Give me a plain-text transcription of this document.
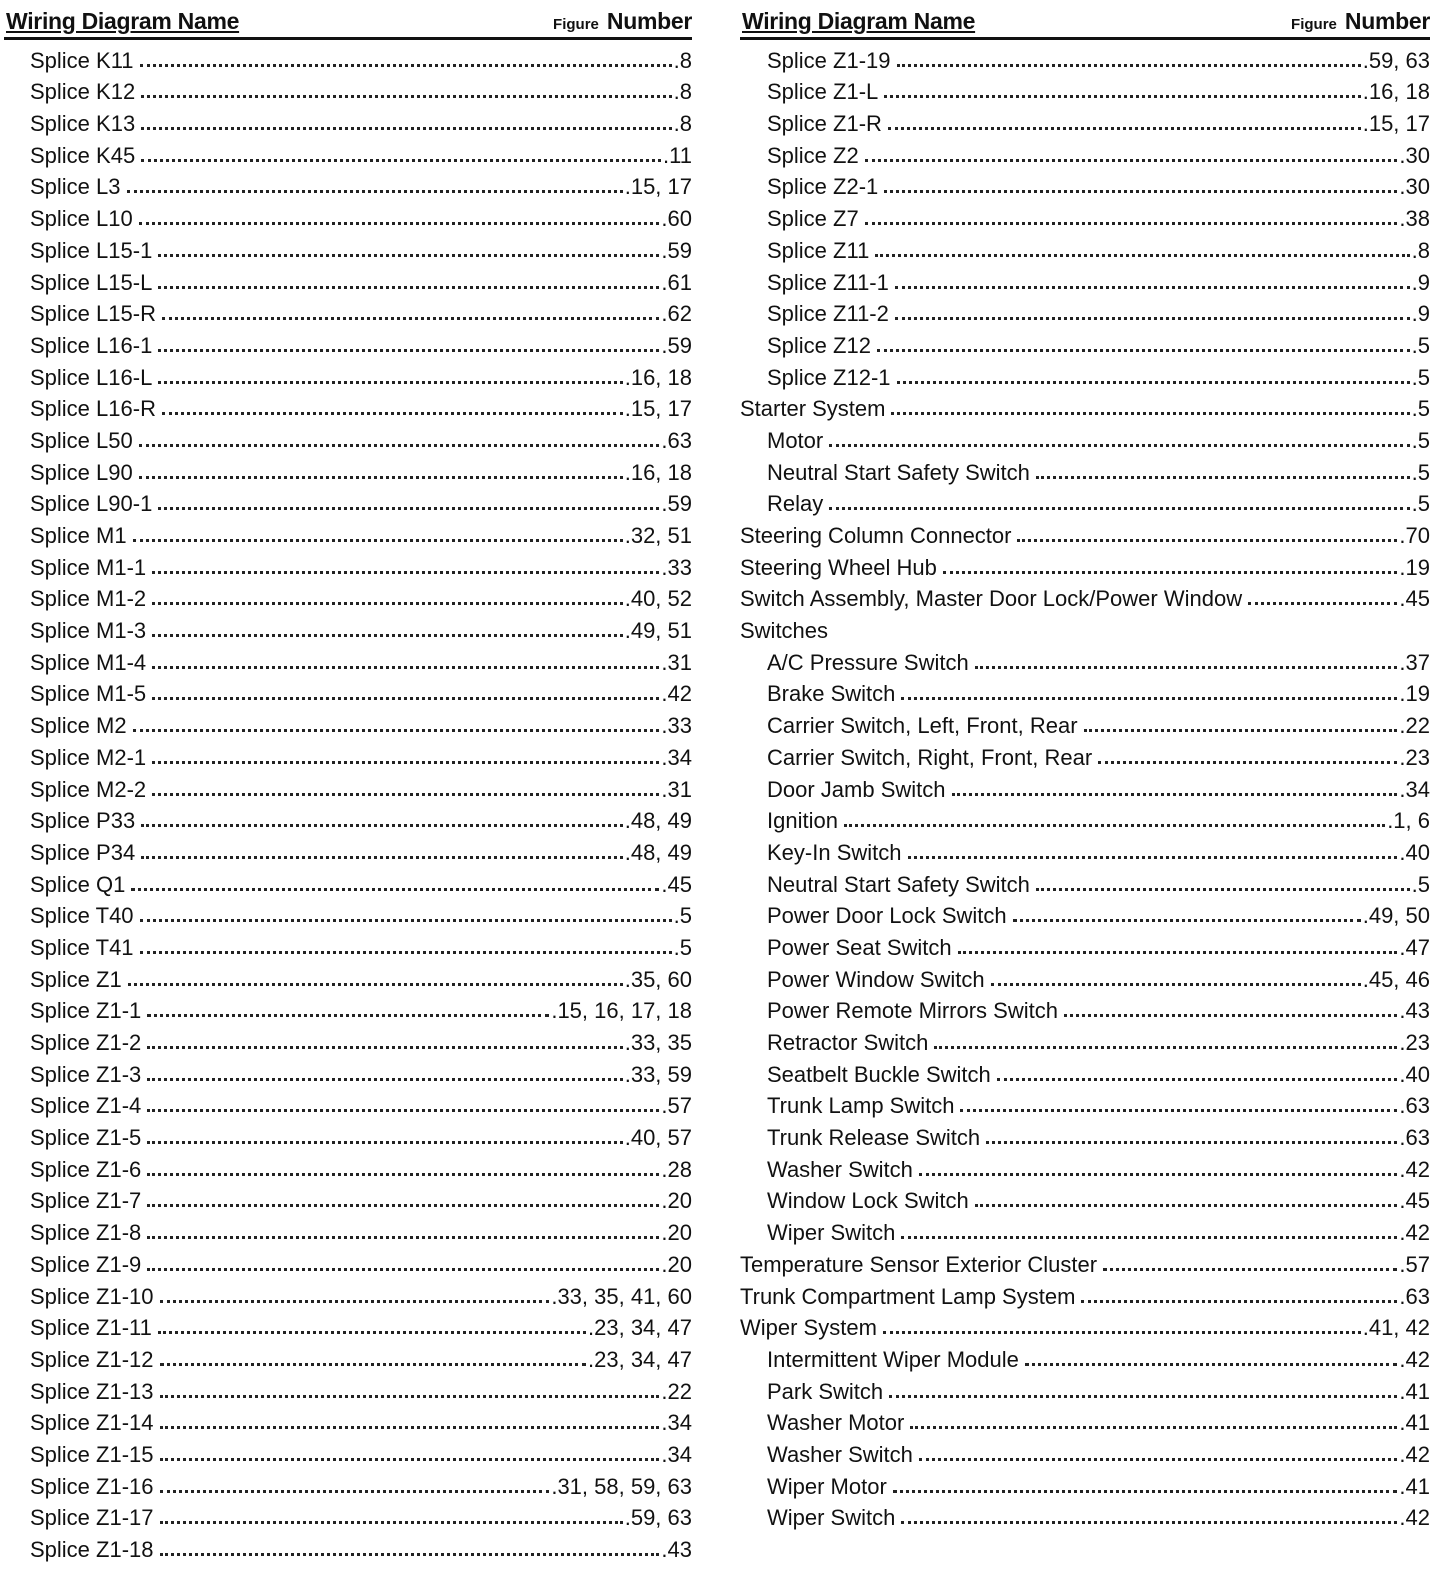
Wiring Diagram Name	Figure Number
Splice K11	.8
Splice K12	.8
Splice K13	.8
Splice K45	.11
Splice L3	.15, 17
Splice L10	.60
Splice L15-1	.59
Splice L15-L	.61
Splice L15-R	.62
Splice L16-1	.59
Splice L16-L	.16, 18
Splice L16-R	.15, 17
Splice L50	.63
Splice L90	.16, 18
Splice L90-1	.59
Splice M1	.32, 51
Splice M1-1	.33
Splice M1-2	.40, 52
Splice M1-3	.49, 51
Splice M1-4	.31
Splice M1-5	.42
Splice M2	.33
Splice M2-1	.34
Splice M2-2	.31
Splice P33	.48, 49
Splice P34	.48, 49
Splice Q1	.45
Splice T40	.5
Splice T41	.5
Splice Z1	.35, 60
Splice Z1-1	.15, 16, 17, 18
Splice Z1-2	.33, 35
Splice Z1-3	.33, 59
Splice Z1-4	.57
Splice Z1-5	.40, 57
Splice Z1-6	.28
Splice Z1-7	.20
Splice Z1-8	.20
Splice Z1-9	.20
Splice Z1-10	.33, 35, 41, 60
Splice Z1-11	.23, 34, 47
Splice Z1-12	.23, 34, 47
Splice Z1-13	.22
Splice Z1-14	.34
Splice Z1-15	.34
Splice Z1-16	.31, 58, 59, 63
Splice Z1-17	.59, 63
Splice Z1-18	.43
Wiring Diagram Name	Figure Number
Splice Z1-19	.59, 63
Splice Z1-L	.16, 18
Splice Z1-R	.15, 17
Splice Z2	.30
Splice Z2-1	.30
Splice Z7	.38
Splice Z11	.8
Splice Z11-1	.9
Splice Z11-2	.9
Splice Z12	.5
Splice Z12-1	.5
Starter System	.5
Motor	.5
Neutral Start Safety Switch	.5
Relay	.5
Steering Column Connector	.70
Steering Wheel Hub	.19
Switch Assembly, Master Door Lock/Power Window	.45
Switches
A/C Pressure Switch	.37
Brake Switch	.19
Carrier Switch, Left, Front, Rear	.22
Carrier Switch, Right, Front, Rear	.23
Door Jamb Switch	.34
Ignition	.1, 6
Key-In Switch	.40
Neutral Start Safety Switch	.5
Power Door Lock Switch	.49, 50
Power Seat Switch	.47
Power Window Switch	.45, 46
Power Remote Mirrors Switch	.43
Retractor Switch	.23
Seatbelt Buckle Switch	.40
Trunk Lamp Switch	.63
Trunk Release Switch	.63
Washer Switch	.42
Window Lock Switch	.45
Wiper Switch	.42
Temperature Sensor Exterior Cluster	.57
Trunk Compartment Lamp System	.63
Wiper System	.41, 42
Intermittent Wiper Module	.42
Park Switch	.41
Washer Motor	.41
Washer Switch	.42
Wiper Motor	.41
Wiper Switch	.42
